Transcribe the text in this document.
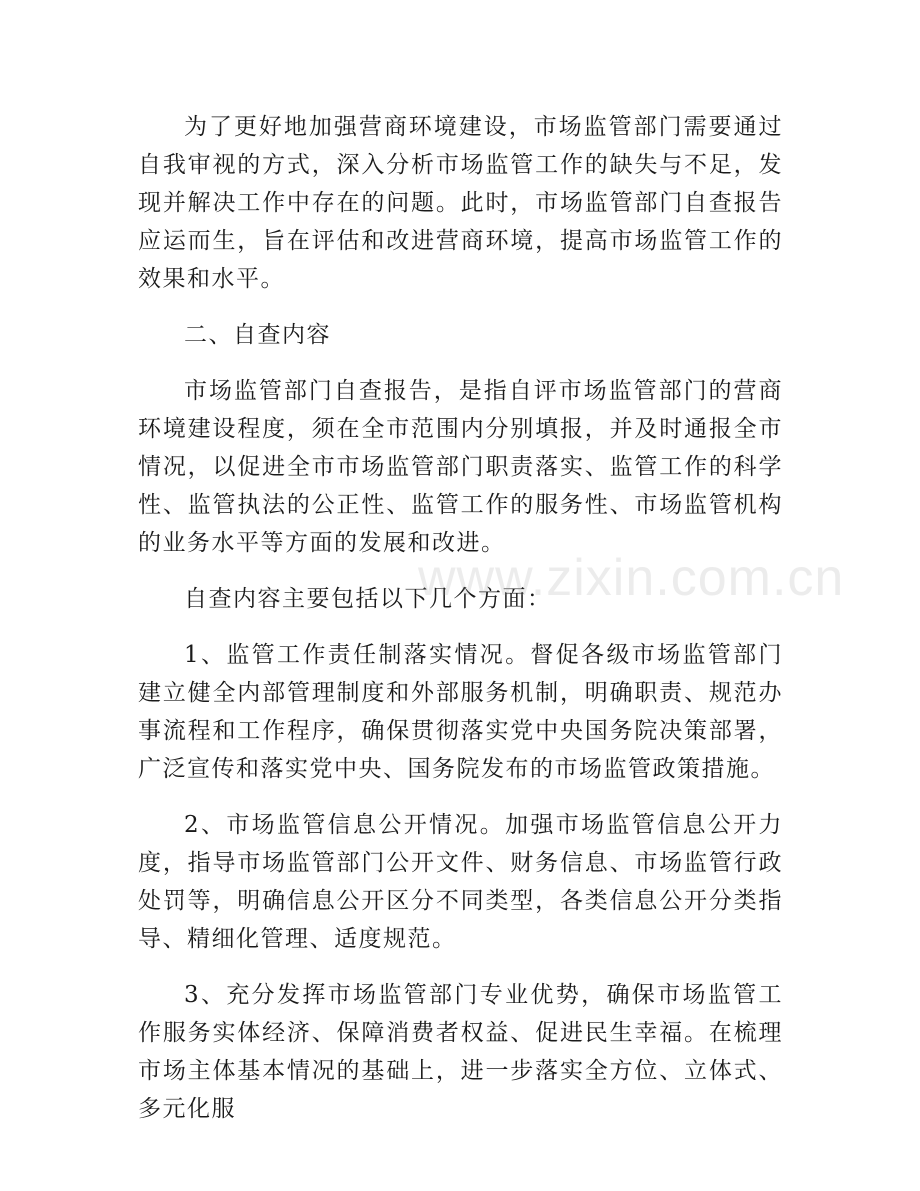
为了更好地加强营商环境建设，市场监管部门需要通过自我审视的方式，深入分析市场监管工作的缺失与不足，发现并解决工作中存在的问题。此时，市场监管部门自查报告应运而生，旨在评估和改进营商环境，提高市场监管工作的效果和水平。

二、自查内容

市场监管部门自查报告，是指自评市场监管部门的营商环境建设程度，须在全市范围内分别填报，并及时通报全市情况，以促进全市市场监管部门职责落实、监管工作的科学性、监管执法的公正性、监管工作的服务性、市场监管机构的业务水平等方面的发展和改进。

自查内容主要包括以下几个方面：

1、监管工作责任制落实情况。督促各级市场监管部门建立健全内部管理制度和外部服务机制，明确职责、规范办事流程和工作程序，确保贯彻落实党中央国务院决策部署，广泛宣传和落实党中央、国务院发布的市场监管政策措施。

2、市场监管信息公开情况。加强市场监管信息公开力度，指导市场监管部门公开文件、财务信息、市场监管行政处罚等，明确信息公开区分不同类型，各类信息公开分类指导、精细化管理、适度规范。

3、充分发挥市场监管部门专业优势，确保市场监管工作服务实体经济、保障消费者权益、促进民生幸福。在梳理市场主体基本情况的基础上，进一步落实全方位、立体式、多元化服

www.zixin.com.cn
